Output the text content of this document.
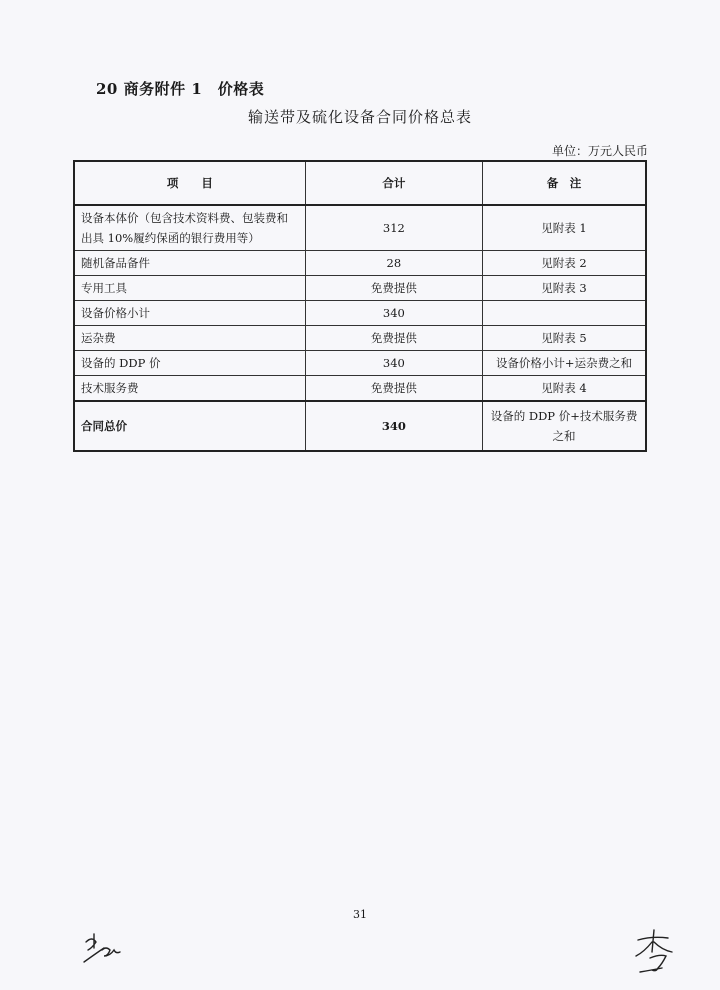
20 商务附件 1　价格表
输送带及硫化设备合同价格总表
单位：万元人民币
项　　目	合计	备　注
设备本体价（包含技术资料费、包装费和出具 10%履约保函的银行费用等）	312	见附表 1
随机备品备件	28	见附表 2
专用工具	免费提供	见附表 3
设备价格小计	340	
运杂费	免费提供	见附表 5
设备的 DDP 价	340	设备价格小计+运杂费之和
技术服务费	免费提供	见附表 4
合同总价	340	设备的 DDP 价+技术服务费之和
31
